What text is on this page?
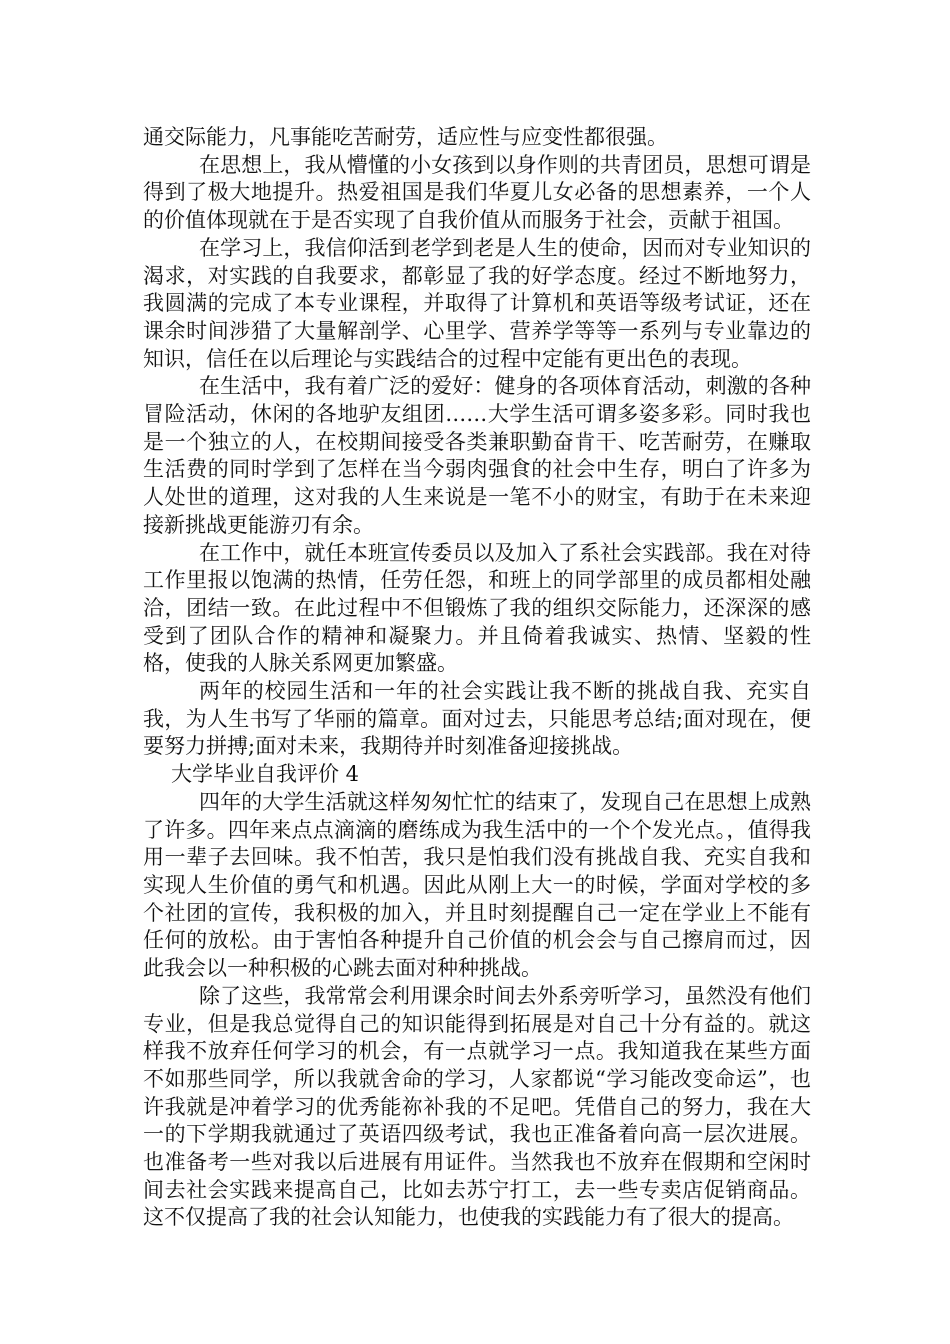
通交际能力，凡事能吃苦耐劳，适应性与应变性都很强。

在思想上，我从懵懂的小女孩到以身作则的共青团员，思想可谓是得到了极大地提升。热爱祖国是我们华夏儿女必备的思想素养，一个人的价值体现就在于是否实现了自我价值从而服务于社会，贡献于祖国。

在学习上，我信仰活到老学到老是人生的使命，因而对专业知识的渴求，对实践的自我要求，都彰显了我的好学态度。经过不断地努力，我圆满的完成了本专业课程，并取得了计算机和英语等级考试证，还在课余时间涉猎了大量解剖学、心里学、营养学等等一系列与专业靠边的知识，信任在以后理论与实践结合的过程中定能有更出色的表现。

在生活中，我有着广泛的爱好：健身的各项体育活动，刺激的各种冒险活动，休闲的各地驴友组团……大学生活可谓多姿多彩。同时我也是一个独立的人，在校期间接受各类兼职勤奋肯干、吃苦耐劳，在赚取生活费的同时学到了怎样在当今弱肉强食的社会中生存，明白了许多为人处世的道理，这对我的人生来说是一笔不小的财宝，有助于在未来迎接新挑战更能游刃有余。

在工作中，就任本班宣传委员以及加入了系社会实践部。我在对待工作里报以饱满的热情，任劳任怨，和班上的同学部里的成员都相处融洽，团结一致。在此过程中不但锻炼了我的组织交际能力，还深深的感受到了团队合作的精神和凝聚力。并且倚着我诚实、热情、坚毅的性格，使我的人脉关系网更加繁盛。

两年的校园生活和一年的社会实践让我不断的挑战自我、充实自我，为人生书写了华丽的篇章。面对过去，只能思考总结;面对现在，便要努力拼搏;面对未来，我期待并时刻准备迎接挑战。

大学毕业自我评价 4

四年的大学生活就这样匆匆忙忙的结束了，发现自己在思想上成熟了许多。四年来点点滴滴的磨练成为我生活中的一个个发光点。，值得我用一辈子去回味。我不怕苦，我只是怕我们没有挑战自我、充实自我和实现人生价值的勇气和机遇。因此从刚上大一的时候，学面对学校的多个社团的宣传，我积极的加入，并且时刻提醒自己一定在学业上不能有任何的放松。由于害怕各种提升自己价值的机会会与自己擦肩而过，因此我会以一种积极的心跳去面对种种挑战。

除了这些，我常常会利用课余时间去外系旁听学习，虽然没有他们专业，但是我总觉得自己的知识能得到拓展是对自己十分有益的。就这样我不放弃任何学习的机会，有一点就学习一点。我知道我在某些方面不如那些同学，所以我就舍命的学习，人家都说“学习能改变命运”，也许我就是冲着学习的优秀能祢补我的不足吧。凭借自己的努力，我在大一的下学期我就通过了英语四级考试，我也正准备着向高一层次进展。也准备考一些对我以后进展有用证件。当然我也不放弃在假期和空闲时间去社会实践来提高自己，比如去苏宁打工，去一些专卖店促销商品。这不仅提高了我的社会认知能力，也使我的实践能力有了很大的提高。
